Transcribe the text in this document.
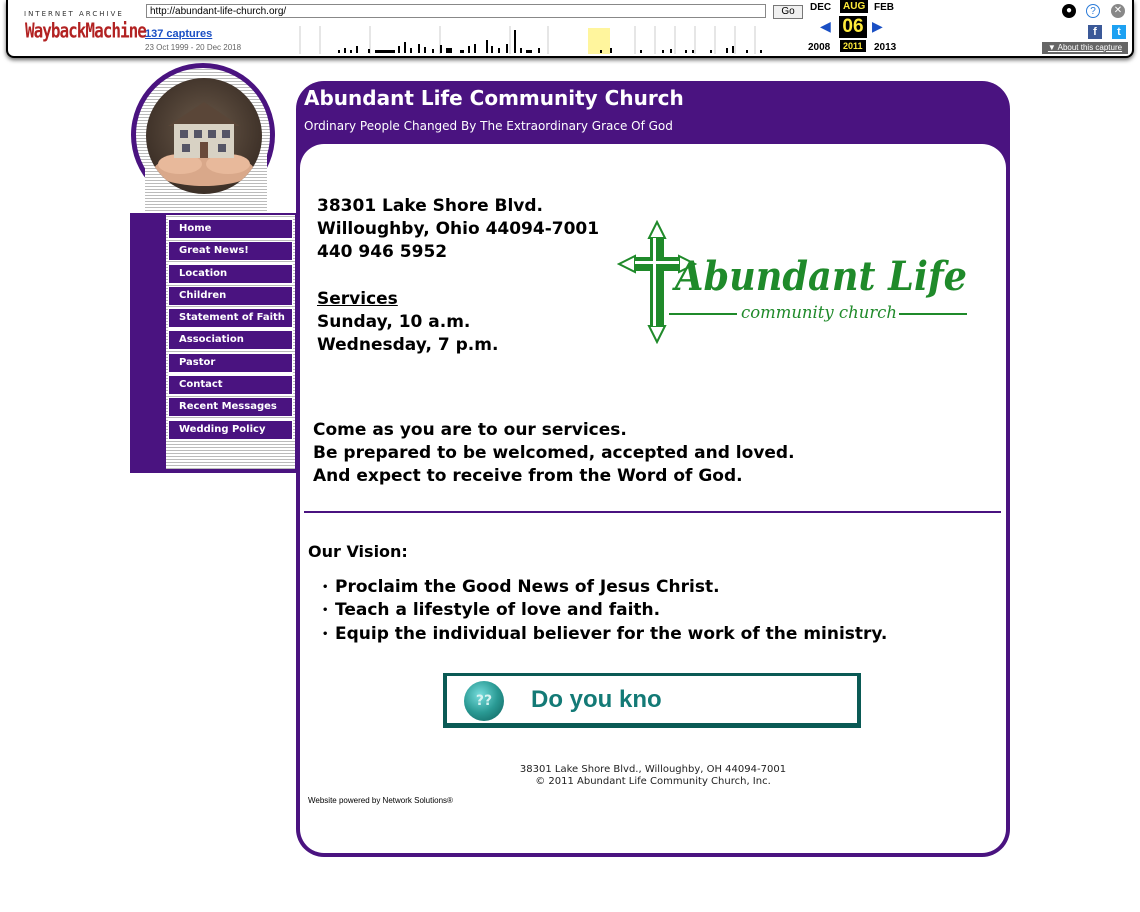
INTERNET ARCHIVE
WaybackMachine
http://abundant-life-church.org/	Go
137 captures
23 Oct 1999 - 20 Dec 2018
DEC	AUG FEB
◀ 06 ▶
2008	2011	2013
●	?	✕
f	t
▼ About this capture
Abundant Life Community Church
Ordinary People Changed By The Extraordinary Grace Of God
Home
Great News!
Location
Children
Statement of Faith
Association
Pastor
Contact
Recent Messages
Wedding Policy
38301 Lake Shore Blvd.
Willoughby, Ohio 44094-7001
440 946 5952
Services
Sunday, 10 a.m.
Wednesday, 7 p.m.
Abundant Life
community church
Come as you are to our services.
Be prepared to be welcomed, accepted and loved.
And expect to receive from the Word of God.
Our Vision:
• Proclaim the Good News of Jesus Christ.
• Teach a lifestyle of love and faith.
• Equip the individual believer for the work of the ministry.
??	Do you kno
38301 Lake Shore Blvd., Willoughby, OH 44094-7001
© 2011 Abundant Life Community Church, Inc.
Website powered by Network Solutions®
